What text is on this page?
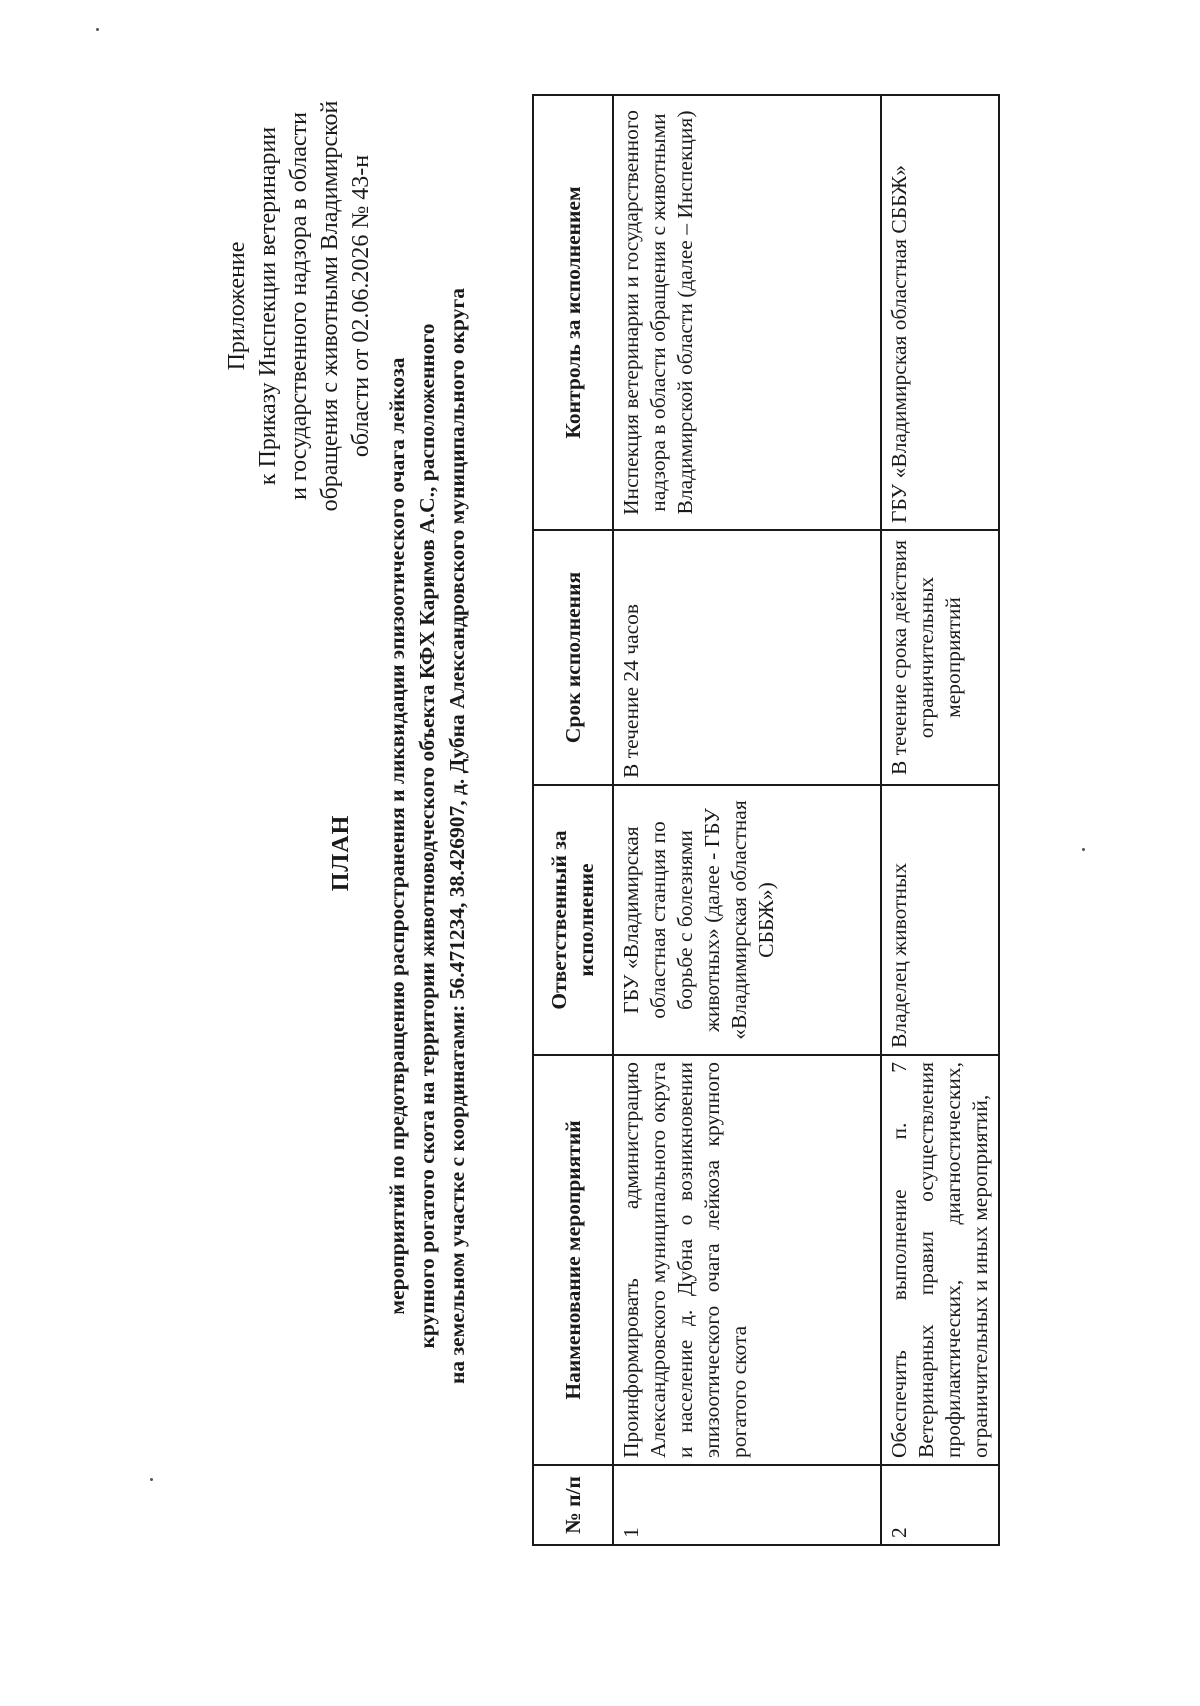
Приложение к Приказу Инспекции ветеринарии и государственного надзора в области обращения с животными Владимирской области от 02.06.2026 № 43-н
ПЛАН мероприятий по предотвращению распространения и ликвидации эпизоотического очага лейкоза крупного рогатого скота на территории животноводческого объекта КФХ Каримов А.С., расположенного на земельном участке с координатами: 56.471234, 38.426907, д. Дубна Александровского муниципального округа
№ п/п	Наименование мероприятий	Ответственный за исполнение	Срок исполнения	Контроль за исполнением
1	Проинформировать администрацию Александровского муниципального округа и население д. Дубна о возникновении эпизоотического очага лейкоза крупного рогатого скота	ГБУ «Владимирская областная станция по борьбе с болезнями животных» (далее - ГБУ «Владимирская областная СББЖ»)	В течение 24 часов	Инспекция ветеринарии и государственного надзора в области обращения с животными Владимирской области (далее – Инспекция)
2	Обеспечить выполнение п. 7 Ветеринарных правил осуществления профилактических, диагностических, ограничительных и иных мероприятий,	Владелец животных	В течение срока действия ограничительных мероприятий	ГБУ «Владимирская областная СББЖ»
